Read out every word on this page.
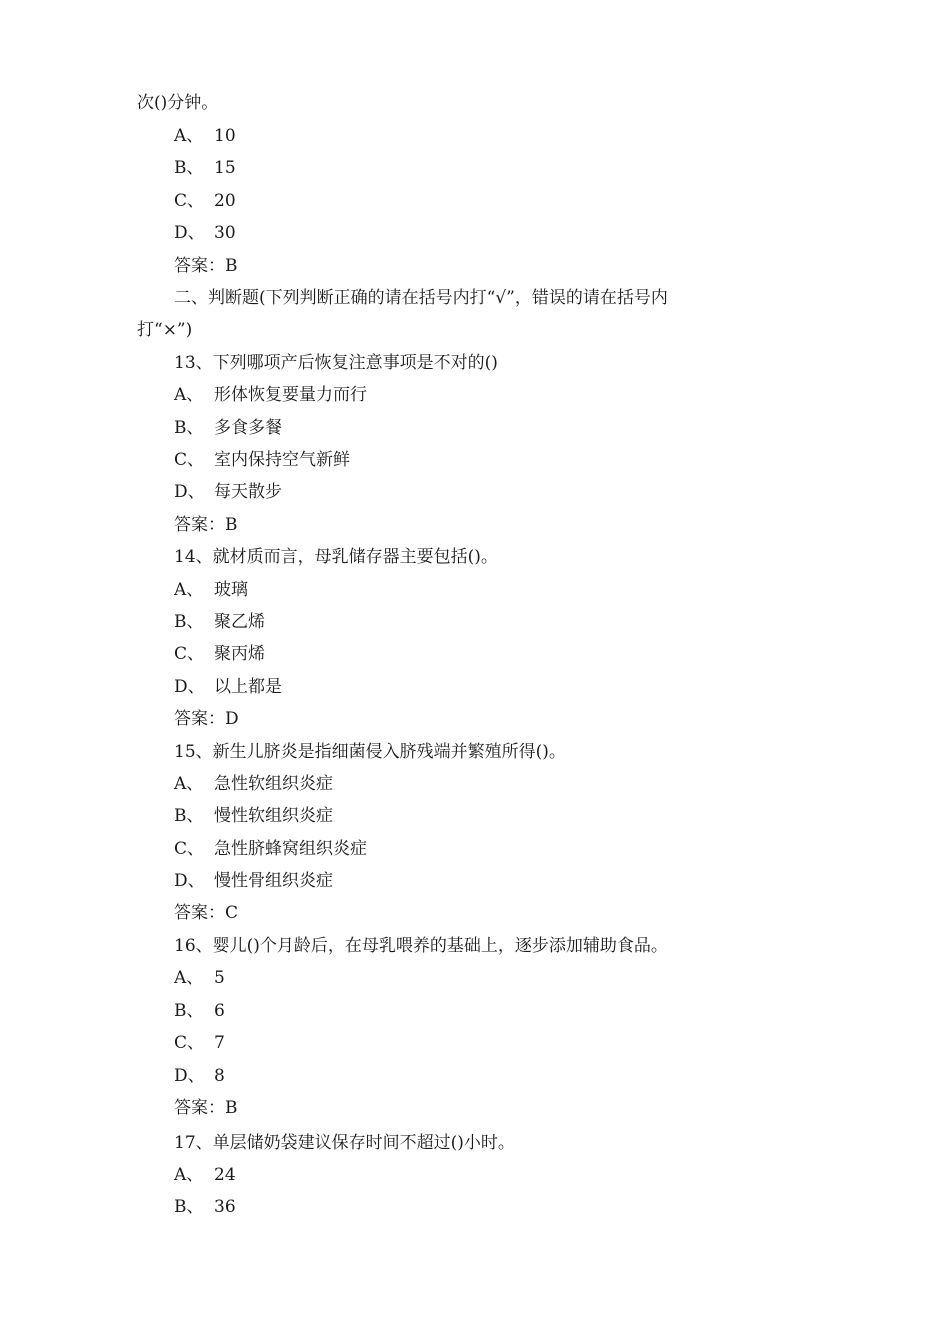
次()分钟。
A、 10
B、 15
C、 20
D、 30
答案：B
二、判断题(下列判断正确的请在括号内打“√”，错误的请在括号内
打“×”)
13、下列哪项产后恢复注意事项是不对的()
A、 形体恢复要量力而行
B、 多食多餐
C、 室内保持空气新鲜
D、 每天散步
答案：B
14、就材质而言，母乳储存器主要包括()。
A、 玻璃
B、 聚乙烯
C、 聚丙烯
D、 以上都是
答案：D
15、新生儿脐炎是指细菌侵入脐残端并繁殖所得()。
A、 急性软组织炎症
B、 慢性软组织炎症
C、 急性脐蜂窝组织炎症
D、 慢性骨组织炎症
答案：C
16、婴儿()个月龄后，在母乳喂养的基础上，逐步添加辅助食品。
A、 5
B、 6
C、 7
D、 8
答案：B
17、单层储奶袋建议保存时间不超过()小时。
A、 24
B、 36
